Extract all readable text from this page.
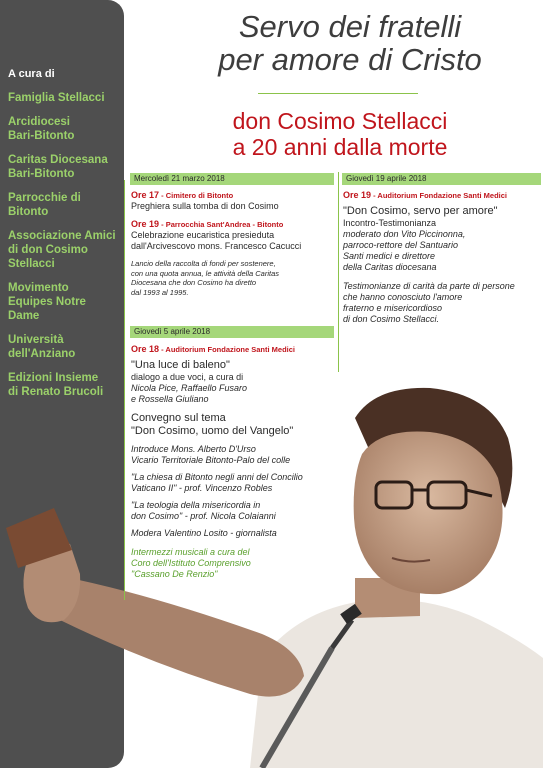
A cura di
Famiglia Stellacci
Arcidiocesi
Bari-Bitonto
Caritas Diocesana
Bari-Bitonto
Parrocchie di
Bitonto
Associazione Amici
di don Cosimo
Stellacci
Movimento
Equipes Notre Dame
Università
dell'Anziano
Edizioni Insieme
di Renato Brucoli
Servo dei fratelli
per amore di Cristo
don Cosimo Stellacci
a 20 anni dalla morte
Mercoledì 21 marzo 2018

Ore 17 - Cimitero di Bitonto

Preghiera sulla tomba di don Cosimo

Ore 19 - Parrocchia Sant'Andrea - Bitonto

Celebrazione eucaristica presieduta

dall'Arcivescovo mons. Francesco Cacucci

Lancio della raccolta di fondi per sostenere,

con una quota annua, le attività della Caritas

Diocesana che don Cosimo ha diretto

dal 1993 al 1995.

Giovedì 5 aprile 2018

Ore 18 - Auditorium Fondazione Santi Medici

"Una luce di baleno"

dialogo a due voci, a cura di

Nicola Pice, Raffaello Fusaro

e Rossella Giuliano

Convegno sul tema

"Don Cosimo, uomo del Vangelo"

Introduce Mons. Alberto D'Urso

Vicario Territoriale Bitonto-Palo del colle

"La chiesa di Bitonto negli anni del Concilio

Vaticano II" - prof. Vincenzo Robles

"La teologia della misericordia in

don Cosimo" - prof. Nicola Colaianni

Modera Valentino Losito - giornalista

Intermezzi musicali a cura del

Coro dell'Istituto Comprensivo

"Cassano De Renzio"

Giovedì 19 aprile 2018

Ore 19 - Auditorium Fondazione Santi Medici

"Don Cosimo, servo per amore"

Incontro-Testimonianza

moderato don Vito Piccinonna,

parroco-rettore del Santuario

Santi medici e direttore

della Caritas diocesana

Testimonianze di carità da parte di persone

che hanno conosciuto l'amore

fraterno e misericordioso

di don Cosimo Stellacci.
